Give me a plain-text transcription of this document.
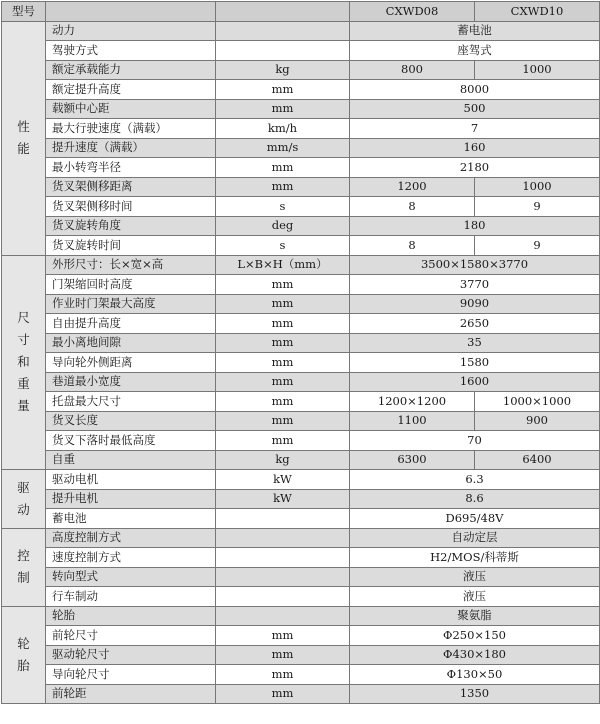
型号			CXWD08	CXWD10

性
能	动力		蓄电池	
	驾驶方式		座驾式	
	额定承载能力	kg	800	1000
	额定提升高度	mm	8000	
	载额中心距	mm	500	
	最大行驶速度（满载）	km/h	7	
	提升速度（满载）	mm/s	160	
	最小转弯半径	mm	2180	
	货叉架侧移距离	mm	1200	1000
	货叉架侧移时间	s	8	9
	货叉旋转角度	deg	180	
	货叉旋转时间	s	8	9

尺
寸
和
重
量	外形尺寸：长×宽×高	L×B×H（mm）	3500×1580×3770	
	门架缩回时高度	mm	3770	
	作业时门架最大高度	mm	9090	
	自由提升高度	mm	2650	
	最小离地间隙	mm	35	
	导向轮外侧距离	mm	1580	
	巷道最小宽度	mm	1600	
	托盘最大尺寸	mm	1200×1200	1000×1000
	货叉长度	mm	1100	900
	货叉下落时最低高度	mm	70	
	自重	kg	6300	6400

驱
动	驱动电机	kW	6.3	
	提升电机	kW	8.6	
	蓄电池		D695/48V	

控
制	高度控制方式		自动定层	
	速度控制方式		H2/MOS/科蒂斯	
	转向型式		液压	
	行车制动		液压	

轮
胎	轮胎		聚氨脂	
	前轮尺寸	mm	Φ250×150	
	驱动轮尺寸	mm	Φ430×180	
	导向轮尺寸	mm	Φ130×50	
	前轮距	mm	1350	
